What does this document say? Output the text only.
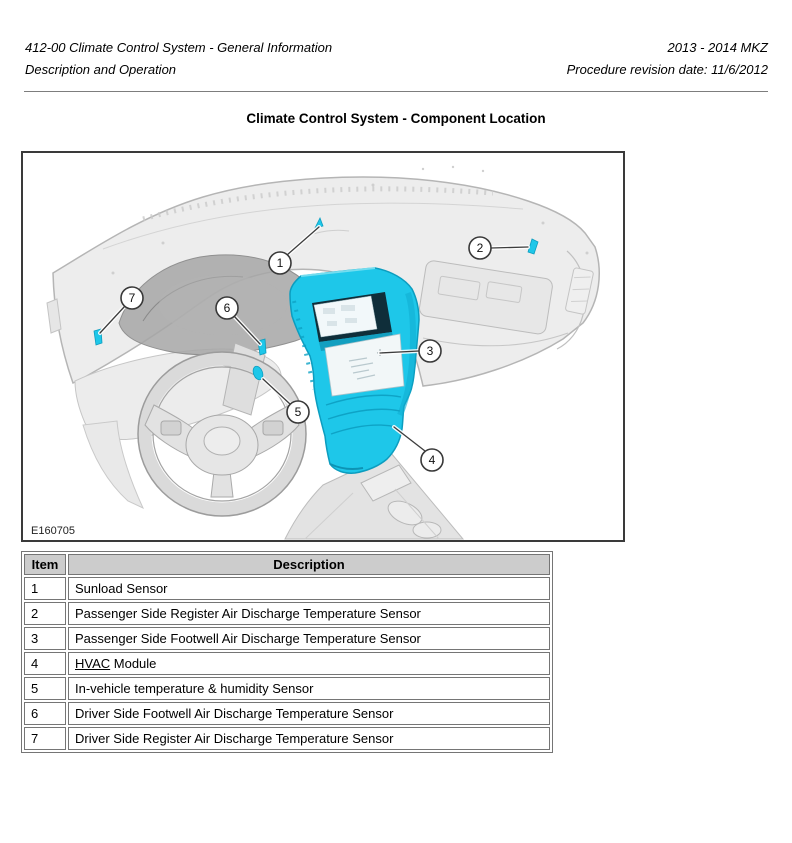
412-00 Climate Control System - General Information	2013 - 2014 MKZ
Description and Operation	Procedure revision date: 11/6/2012
Climate Control System - Component Location
1
2
3
4
5
6
7
E160705
Item	Description
1	Sunload Sensor
2	Passenger Side Register Air Discharge Temperature Sensor
3	Passenger Side Footwell Air Discharge Temperature Sensor
4	HVAC Module
5	In-vehicle temperature & humidity Sensor
6	Driver Side Footwell Air Discharge Temperature Sensor
7	Driver Side Register Air Discharge Temperature Sensor
